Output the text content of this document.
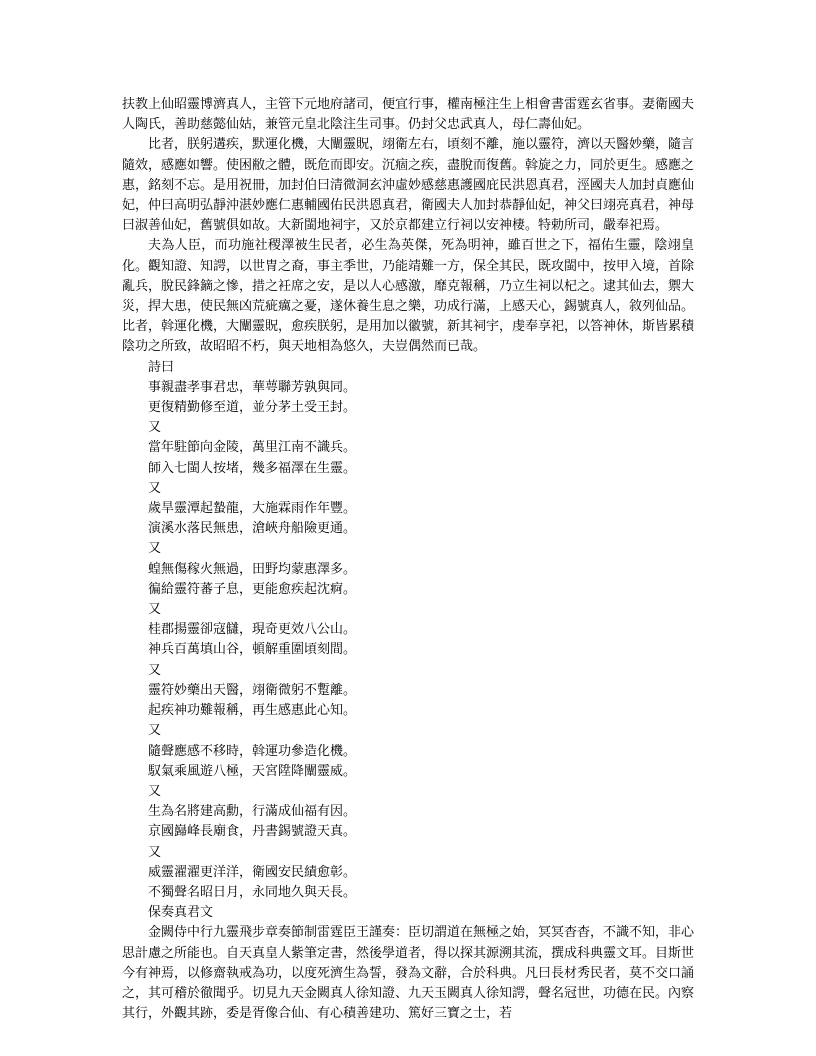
扶教上仙昭靈博濟真人，主管下元地府諸司，便宜行事，權南極注生上相會書雷霆玄省事。妻衛國夫人陶氏，善助慈懿仙姑，兼管元皇北陰注生司事。仍封父忠武真人，母仁壽仙妃。

比者，朕躬遘疾，默運化機，大闡靈貺，翊衛左右，頃刻不離，施以靈符，濟以天醫妙藥，隨言隨效，感應如響。使困敝之體，既危而即安。沉痼之疾，盡脫而復舊。斡旋之力，同於更生。感應之惠，銘刻不忘。是用祝冊，加封伯曰清微洞玄沖虛妙感慈惠護國庇民洪恩真君，涇國夫人加封貞應仙妃，仲曰高明弘靜沖湛妙應仁惠輔國佑民洪恩真君，衛國夫人加封恭靜仙妃，神父曰翊亮真君，神母曰淑善仙妃，舊號俱如故。大新閩地祠宇，又於京都建立行祠以安神棲。特勅所司，嚴奉祀焉。

夫為人臣，而功施社稷澤被生民者，必生為英傑，死為明神，雖百世之下，福佑生靈，陰翊皇化。觀知證、知諤，以世冑之裔，事主季世，乃能靖難一方，保全其民，既攻閩中，按甲入境，首除亂兵，脫民鋒鏑之慘，措之衽席之安，是以人心感激，靡克報稱，乃立生祠以杞之。逮其仙去，禦大災，捍大患，使民無凶荒疵癘之憂，遂休養生息之樂，功成行滿，上感天心，錫號真人，敘列仙品。比者，斡運化機，大闡靈貺，愈疾朕躬，是用加以徽號，新其祠宇，虔奉享祀，以答神休，斯皆累積陰功之所致，故昭昭不朽，與天地相為悠久，夫豈偶然而已哉。

詩曰

事親盡孝事君忠，華萼聯芳孰與同。

更復精勤修至道，並分茅土受王封。

又

當年駐節向金陵，萬里江南不識兵。

師入七閩人按堵，幾多福澤在生靈。

又

歲旱靈潭起蟄龍，大施霖雨作年豐。

演溪水落民無患，滄峽舟船險更通。

又

蝗無傷稼火無過，田野均蒙惠澤多。

徧給靈符蕃子息，更能愈疾起沈痾。

又

桂郡揚靈卻寇讎，現奇更效八公山。

神兵百萬填山谷，頓解重圍頃刻間。

又

靈符妙藥出天醫，翊衛微躬不蹔離。

起疾神功難報稱，再生感惠此心知。

又

隨聲應感不移時，斡運功參造化機。

馭氣乘風遊八極，天宮陞降闡靈威。

又

生為名將建高勳，行滿成仙福有因。

京國巋峰長廟食，丹書錫號證天真。

又

威靈濯濯更洋洋，衛國安民績愈彰。

不獨聲名昭日月，永同地久與天長。

保奏真君文

金闕侍中行九靈飛步章奏節制雷霆臣王謹奏：臣切謂道在無極之始，冥冥杳杳，不識不知，非心思計慮之所能也。自天真皇人紫筆定書，然後學道者，得以探其源溯其流，撰成科典靈文耳。目斯世今有神焉，以修齋執戒為功，以度死濟生為誓，發為文辭，合於科典。凡曰長材秀民者，莫不交口誦之，其可稽於徹聞乎。切見九天金闕真人徐知證、九天玉闕真人徐知諤，聲名冠世，功德在民。內察其行，外觀其跡，委是胥像合仙、有心積善建功、篤好三寶之士，若
